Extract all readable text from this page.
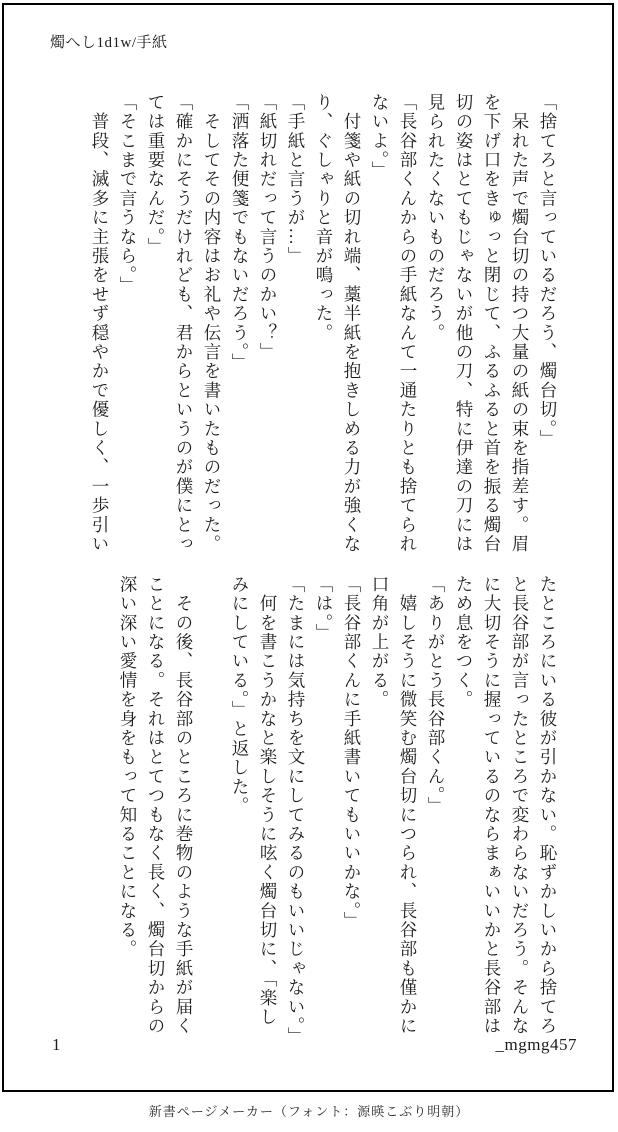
燭へし1d1w/手紙

「捨てろと言っているだろう、燭台切。」

　呆れた声で燭台切の持つ大量の紙の束を指差す。眉

を下げ口をきゅっと閉じて、ふるふると首を振る燭台

切の姿はとてもじゃないが他の刀、特に伊達の刀には

見られたくないものだろう。

「長谷部くんからの手紙なんて一通たりとも捨てられ

ないよ。」

　付箋や紙の切れ端、藁半紙を抱きしめる力が強くな

り、ぐしゃりと音が鳴った。

「手紙と言うが…」

「紙切れだって言うのかい？」

「洒落た便箋でもないだろう。」

　そしてその内容はお礼や伝言を書いたものだった。

「確かにそうだけれども、君からというのが僕にとっ

ては重要なんだ。」

「そこまで言うなら。」

　普段、滅多に主張をせず穏やかで優しく、一歩引い

たところにいる彼が引かない。恥ずかしいから捨てろ

と長谷部が言ったところで変わらないだろう。そんな

に大切そうに握っているのならまぁいいかと長谷部は

ため息をつく。

「ありがとう長谷部くん。」

　嬉しそうに微笑む燭台切につられ、長谷部も僅かに

口角が上がる。

「長谷部くんに手紙書いてもいいかな。」

「は。」

「たまには気持ちを文にしてみるのもいいじゃない。」

　何を書こうかなと楽しそうに呟く燭台切に、「楽し

みにしている。」と返した。

　その後、長谷部のところに巻物のような手紙が届く

ことになる。それはとてつもなく長く、燭台切からの

深い深い愛情を身をもって知ることになる。

1	_mgmg457
新書ページメーカー（フォント：源暎こぶり明朝）
